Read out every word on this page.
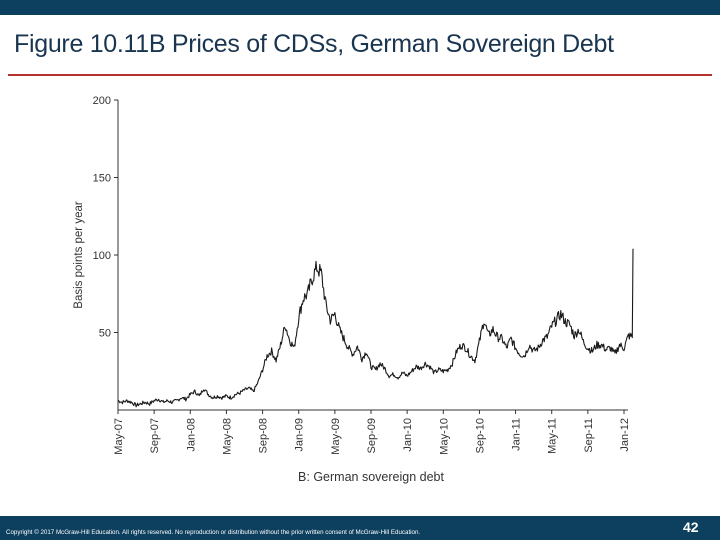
Figure 10.11B Prices of CDSs, German Sovereign Debt
50
100
150
200
Basis points per year
May-07 Sep-07 Jan-08 May-08 Sep-08 Jan-09 May-09 Sep-09 Jan-10 May-10 Sep-10 Jan-11 May-11 Sep-11 Jan-12
B: German sovereign debt
Copyright © 2017 McGraw-Hill Education. All rights reserved. No reproduction or distribution without the prior written consent of McGraw-Hill Education.	42
